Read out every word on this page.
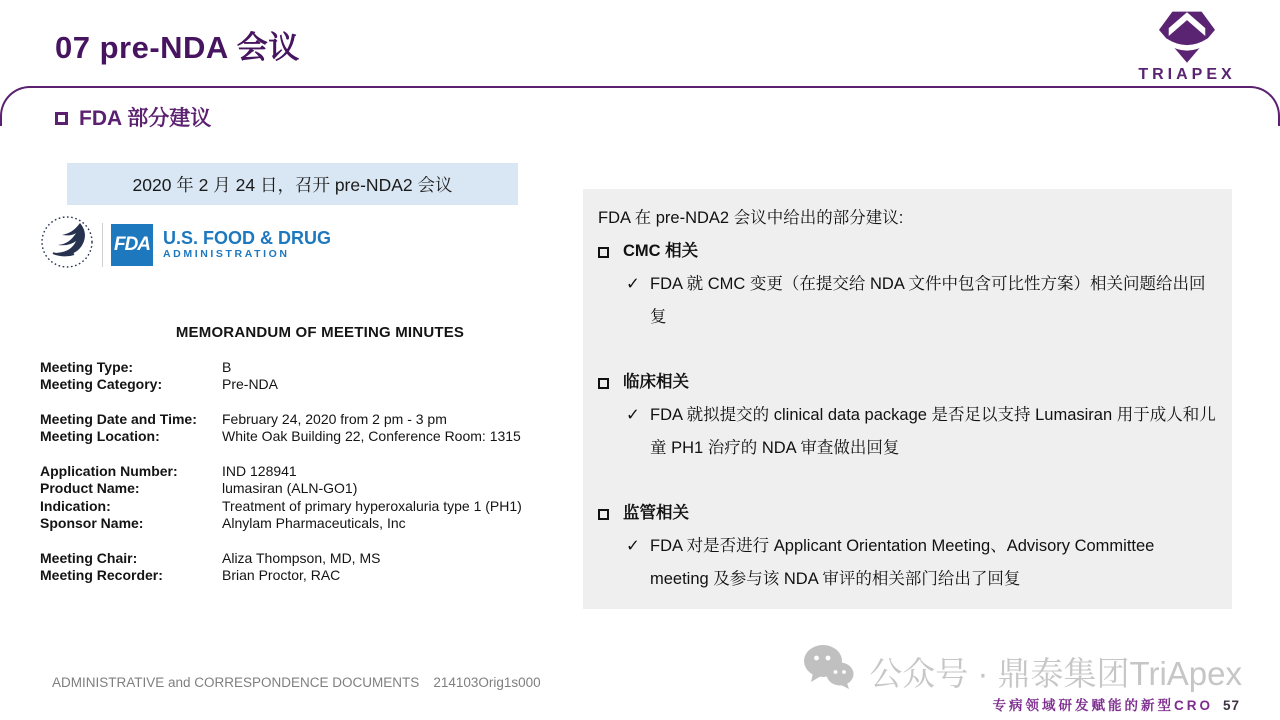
07 pre-NDA 会议
TRIAPEX
FDA 部分建议
2020 年 2 月 24 日，召开 pre-NDA2 会议
FDA U.S. FOOD & DRUG
ADMINISTRATION
MEMORANDUM OF MEETING MINUTES
Meeting Type:	B
Meeting Category:	Pre-NDA
Meeting Date and Time:	February 24, 2020 from 2 pm - 3 pm
Meeting Location:	White Oak Building 22, Conference Room: 1315
Application Number:	IND 128941
Product Name:	lumasiran (ALN-GO1)
Indication:	Treatment of primary hyperoxaluria type 1 (PH1)
Sponsor Name:	Alnylam Pharmaceuticals, Inc
Meeting Chair:	Aliza Thompson, MD, MS
Meeting Recorder:	Brian Proctor, RAC
FDA 在 pre-NDA2 会议中给出的部分建议:
CMC 相关
✓ FDA 就 CMC 变更（在提交给 NDA 文件中包含可比性方案）相关问题给出回复
临床相关
✓ FDA 就拟提交的 clinical data package 是否足以支持 Lumasiran 用于成人和儿童 PH1 治疗的 NDA 审查做出回复
监管相关
✓ FDA 对是否进行 Applicant Orientation Meeting、Advisory Committee meeting 及参与该 NDA 审评的相关部门给出了回复
ADMINISTRATIVE and CORRESPONDENCE DOCUMENTS 214103Orig1s000	公众号 · 鼎泰集团TriApex
专病领域研发赋能的新型CRO 57
